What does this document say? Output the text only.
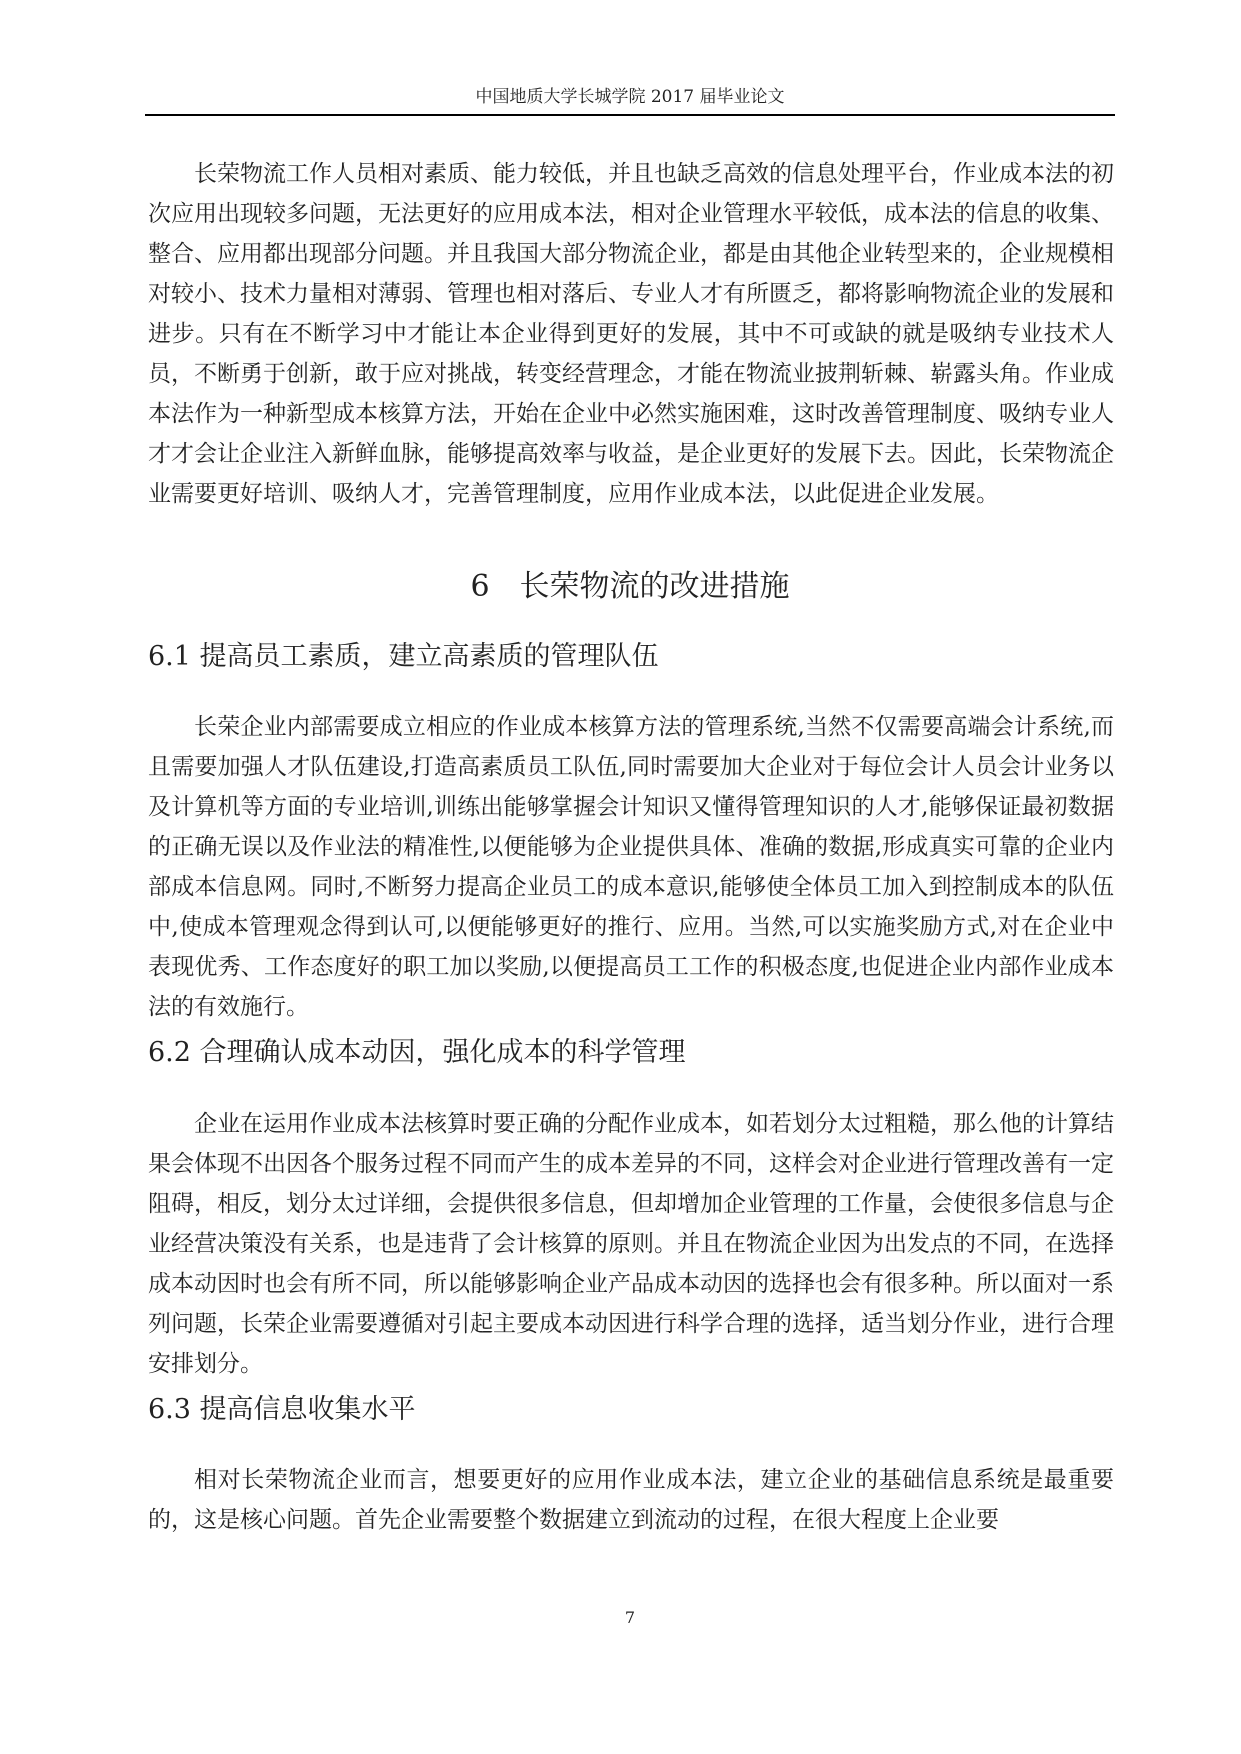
中国地质大学长城学院 2017 届毕业论文

长荣物流工作人员相对素质、能力较低，并且也缺乏高效的信息处理平台，作业成本法的初次应用出现较多问题，无法更好的应用成本法，相对企业管理水平较低，成本法的信息的收集、整合、应用都出现部分问题。并且我国大部分物流企业，都是由其他企业转型来的，企业规模相对较小、技术力量相对薄弱、管理也相对落后、专业人才有所匮乏，都将影响物流企业的发展和进步。只有在不断学习中才能让本企业得到更好的发展，其中不可或缺的就是吸纳专业技术人员，不断勇于创新，敢于应对挑战，转变经营理念，才能在物流业披荆斩棘、崭露头角。作业成本法作为一种新型成本核算方法，开始在企业中必然实施困难，这时改善管理制度、吸纳专业人才才会让企业注入新鲜血脉，能够提高效率与收益，是企业更好的发展下去。因此，长荣物流企业需要更好培训、吸纳人才，完善管理制度，应用作业成本法，以此促进企业发展。

6　长荣物流的改进措施
6.1 提高员工素质，建立高素质的管理队伍

长荣企业内部需要成立相应的作业成本核算方法的管理系统,当然不仅需要高端会计系统,而且需要加强人才队伍建设,打造高素质员工队伍,同时需要加大企业对于每位会计人员会计业务以及计算机等方面的专业培训,训练出能够掌握会计知识又懂得管理知识的人才,能够保证最初数据的正确无误以及作业法的精准性,以便能够为企业提供具体、准确的数据,形成真实可靠的企业内部成本信息网。同时,不断努力提高企业员工的成本意识,能够使全体员工加入到控制成本的队伍中,使成本管理观念得到认可,以便能够更好的推行、应用。当然,可以实施奖励方式,对在企业中表现优秀、工作态度好的职工加以奖励,以便提高员工工作的积极态度,也促进企业内部作业成本法的有效施行。

6.2 合理确认成本动因，强化成本的科学管理

企业在运用作业成本法核算时要正确的分配作业成本，如若划分太过粗糙，那么他的计算结果会体现不出因各个服务过程不同而产生的成本差异的不同，这样会对企业进行管理改善有一定阻碍，相反，划分太过详细，会提供很多信息，但却增加企业管理的工作量，会使很多信息与企业经营决策没有关系，也是违背了会计核算的原则。并且在物流企业因为出发点的不同，在选择成本动因时也会有所不同，所以能够影响企业产品成本动因的选择也会有很多种。所以面对一系列问题，长荣企业需要遵循对引起主要成本动因进行科学合理的选择，适当划分作业，进行合理安排划分。

6.3 提高信息收集水平

相对长荣物流企业而言，想要更好的应用作业成本法，建立企业的基础信息系统是最重要的，这是核心问题。首先企业需要整个数据建立到流动的过程，在很大程度上企业要

7
